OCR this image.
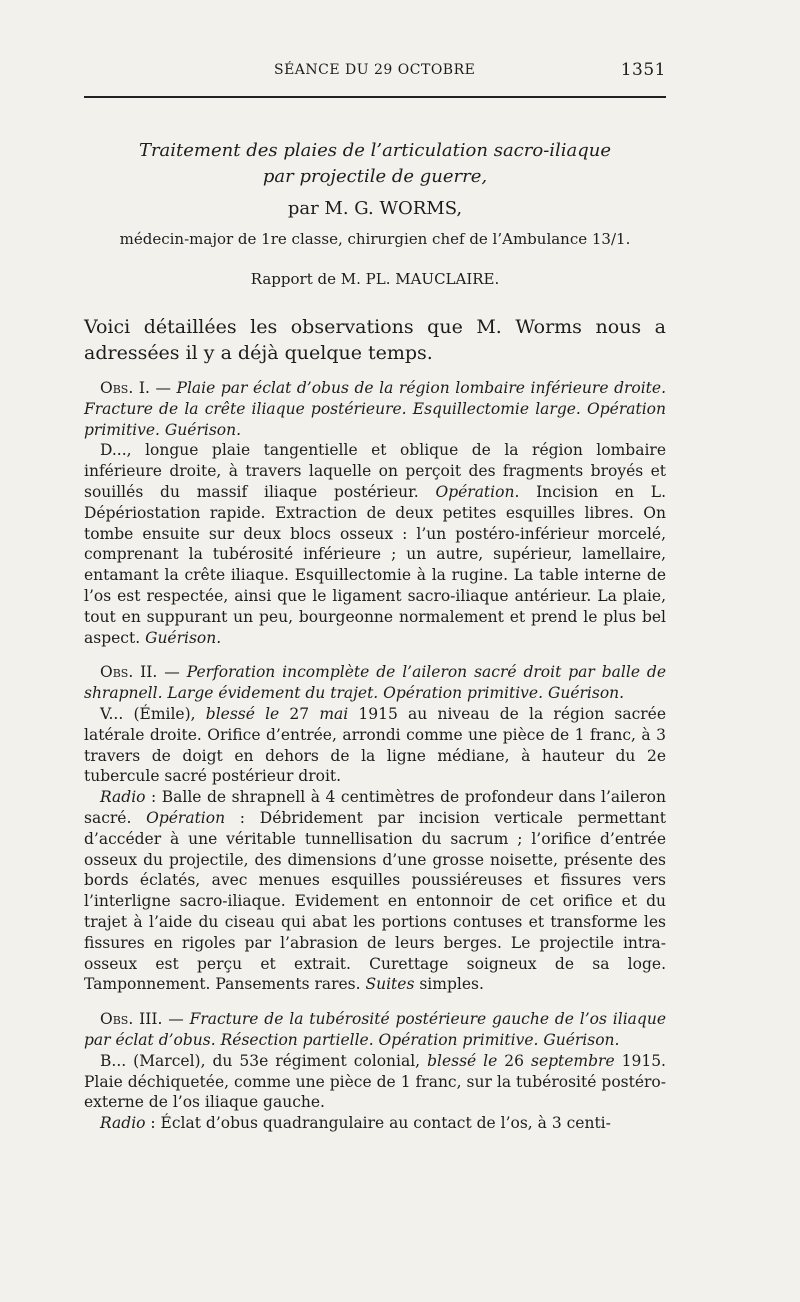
SÉANCE DU 29 OCTOBRE	1351
Traitement des plaies de l’articulation sacro-iliaque
par projectile de guerre,
par M. G. WORMS,
médecin-major de 1re classe, chirurgien chef de l’Ambulance 13/1.
Rapport de M. PL. MAUCLAIRE.
Voici détaillées les observations que M. Worms nous a adressées il y a déjà quelque temps.

Obs. I. — Plaie par éclat d’obus de la région lombaire inférieure droite. Fracture de la crête iliaque postérieure. Esquillectomie large. Opération primitive. Guérison.

D..., longue plaie tangentielle et oblique de la région lombaire inférieure droite, à travers laquelle on perçoit des fragments broyés et souillés du massif iliaque postérieur. Opération. Incision en L. Dépériostation rapide. Extraction de deux petites esquilles libres. On tombe ensuite sur deux blocs osseux : l’un postéro-inférieur morcelé, comprenant la tubérosité inférieure ; un autre, supérieur, lamellaire, entamant la crête iliaque. Esquillectomie à la rugine. La table interne de l’os est respectée, ainsi que le ligament sacro-iliaque antérieur. La plaie, tout en suppurant un peu, bourgeonne normalement et prend le plus bel aspect. Guérison.

Obs. II. — Perforation incomplète de l’aileron sacré droit par balle de shrapnell. Large évidement du trajet. Opération primitive. Guérison.

V... (Émile), blessé le 27 mai 1915 au niveau de la région sacrée latérale droite. Orifice d’entrée, arrondi comme une pièce de 1 franc, à 3 travers de doigt en dehors de la ligne médiane, à hauteur du 2e tubercule sacré postérieur droit.

Radio : Balle de shrapnell à 4 centimètres de profondeur dans l’aileron sacré. Opération : Débridement par incision verticale permettant d’accéder à une véritable tunnellisation du sacrum ; l’orifice d’entrée osseux du projectile, des dimensions d’une grosse noisette, présente des bords éclatés, avec menues esquilles poussiéreuses et fissures vers l’interligne sacro-iliaque. Evidement en entonnoir de cet orifice et du trajet à l’aide du ciseau qui abat les portions contuses et transforme les fissures en rigoles par l’abrasion de leurs berges. Le projectile intra-osseux est perçu et extrait. Curettage soigneux de sa loge. Tamponnement. Pansements rares. Suites simples.

Obs. III. — Fracture de la tubérosité postérieure gauche de l’os iliaque par éclat d’obus. Résection partielle. Opération primitive. Guérison.

B... (Marcel), du 53e régiment colonial, blessé le 26 septembre 1915. Plaie déchiquetée, comme une pièce de 1 franc, sur la tubérosité postéro-externe de l’os iliaque gauche.

Radio : Éclat d’obus quadrangulaire au contact de l’os, à 3 centi-
